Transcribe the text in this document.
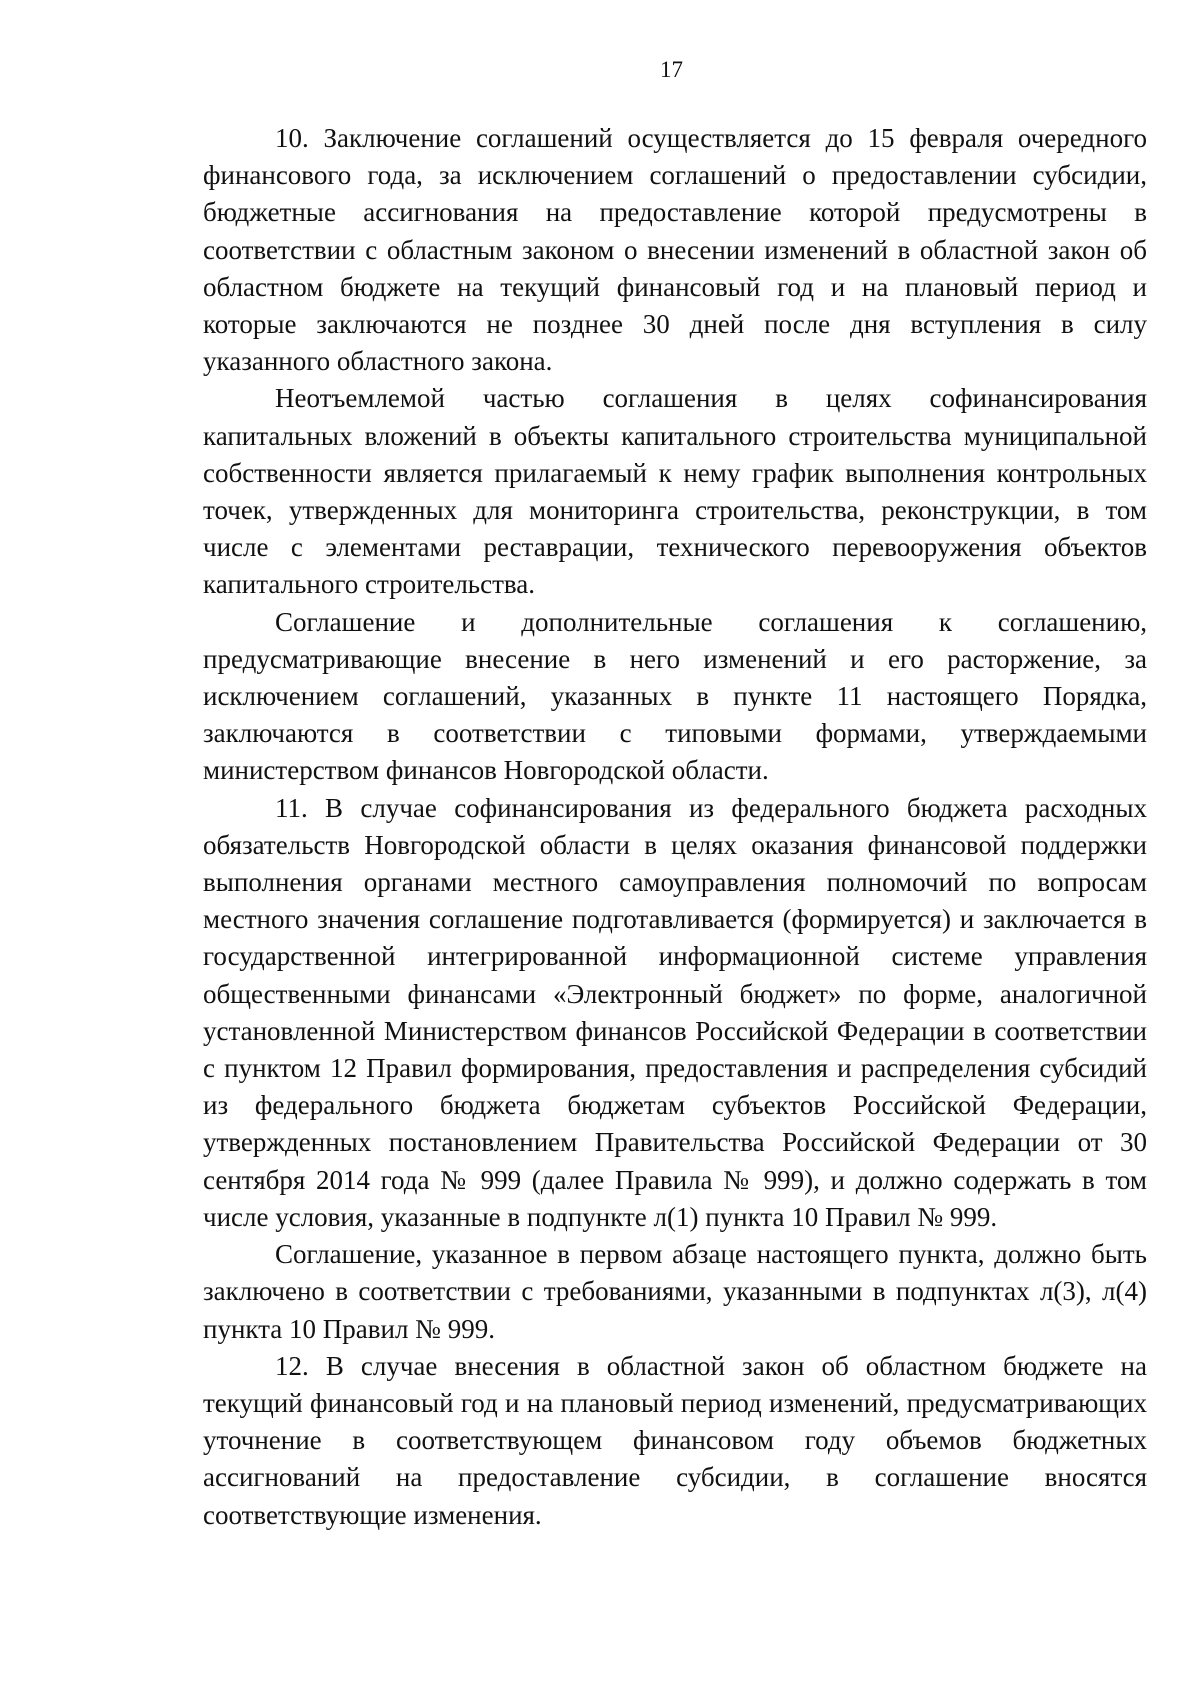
17

10. Заключение соглашений осуществляется до 15 февраля очередного финансового года, за исключением соглашений о предоставлении субсидии, бюджетные ассигнования на предоставление которой предусмотрены в соответствии с областным законом о внесении изменений в областной закон об областном бюджете на текущий финансовый год и на плановый период и которые заключаются не позднее 30 дней после дня вступления в силу указанного областного закона.

Неотъемлемой частью соглашения в целях софинансирования капитальных вложений в объекты капитального строительства муниципальной собственности является прилагаемый к нему график выполнения контрольных точек, утвержденных для мониторинга строительства, реконструкции, в том числе с элементами реставрации, технического перевооружения объектов капитального строительства.

Соглашение и дополнительные соглашения к соглашению, предусматривающие внесение в него изменений и его расторжение, за исключением соглашений, указанных в пункте 11 настоящего Порядка, заключаются в соответствии с типовыми формами, утверждаемыми министерством финансов Новгородской области.

11. В случае софинансирования из федерального бюджета расходных обязательств Новгородской области в целях оказания финансовой поддержки выполнения органами местного самоуправления полномочий по вопросам местного значения соглашение подготавливается (формируется) и заключается в государственной интегрированной информационной системе управления общественными финансами «Электронный бюджет» по форме, аналогичной установленной Министерством финансов Российской Федерации в соответствии с пунктом 12 Правил формирования, предоставления и распределения субсидий из федерального бюджета бюджетам субъектов Российской Федерации, утвержденных постановлением Правительства Российской Федерации от 30 сентября 2014 года № 999 (далее Правила № 999), и должно содержать в том числе условия, указанные в подпункте л(1) пункта 10 Правил № 999.

Соглашение, указанное в первом абзаце настоящего пункта, должно быть заключено в соответствии с требованиями, указанными в подпунктах л(3), л(4) пункта 10 Правил № 999.

12. В случае внесения в областной закон об областном бюджете на текущий финансовый год и на плановый период изменений, предусматривающих уточнение в соответствующем финансовом году объемов бюджетных ассигнований на предоставление субсидии, в соглашение вносятся соответствующие изменения.
